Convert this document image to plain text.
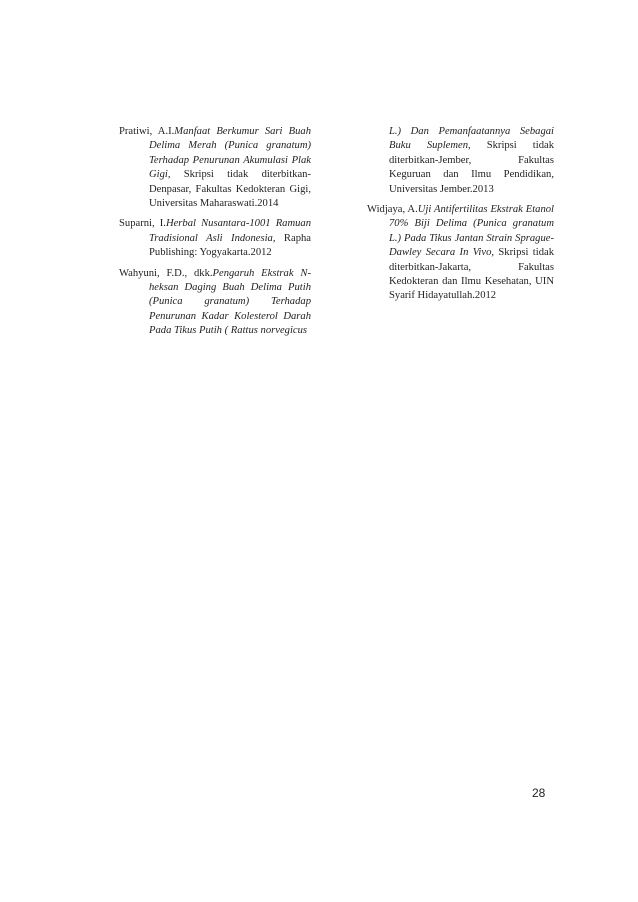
Pratiwi, A.I.Manfaat Berkumur Sari Buah Delima Merah (Punica granatum) Terhadap Penurunan Akumulasi Plak Gigi, Skripsi tidak diterbitkan-Denpasar, Fakultas Kedokteran Gigi, Universitas Maharaswati.2014

Suparni, I.Herbal Nusantara-1001 Ramuan Tradisional Asli Indonesia, Rapha Publishing: Yogyakarta.2012

Wahyuni, F.D., dkk.Pengaruh Ekstrak N-heksan Daging Buah Delima Putih (Punica granatum) Terhadap Penurunan Kadar Kolesterol Darah Pada Tikus Putih ( Rattus norvegicus

L.) Dan Pemanfaatannya Sebagai Buku Suplemen, Skripsi tidak diterbitkan-Jember, Fakultas Keguruan dan Ilmu Pendidikan, Universitas Jember.2013

Widjaya, A.Uji Antifertilitas Ekstrak Etanol 70% Biji Delima (Punica granatum L.) Pada Tikus Jantan Strain Sprague-Dawley Secara In Vivo, Skripsi tidak diterbitkan-Jakarta, Fakultas Kedokteran dan Ilmu Kesehatan, UIN Syarif Hidayatullah.2012

28
